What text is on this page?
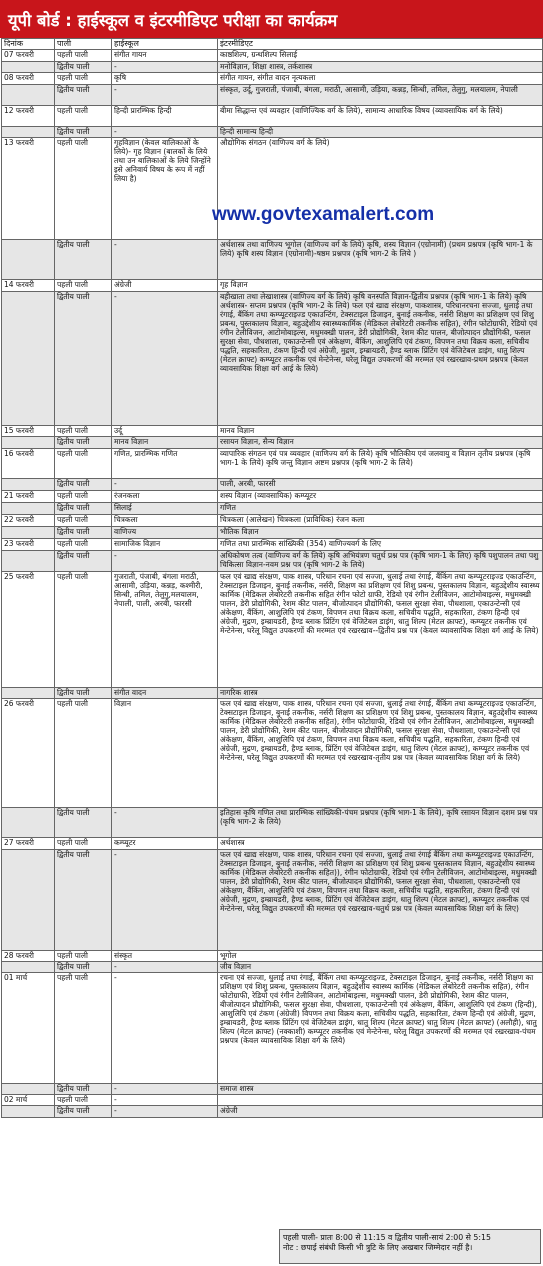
यूपी बोर्ड : हाईस्कूल व इंटरमीडिएट परीक्षा का कार्यक्रम
दिनांक	पाली	हाईस्कूल	इंटरमीडिएट
07 फरवरी	पहली पाली	संगीत गायन	काष्ठशिल्प, ग्रन्थशिल्प सिलाई
	द्वितीय पाली	-	मनोविज्ञान, शिक्षा शास्त्र, तर्कशास्त्र
08 फरवरी	पहली पाली	कृषि	संगीत गायन, संगीत वादन नृत्यकला
	द्वितीय पाली	-	संस्कृत, उर्दू, गुजराती, पंजाबी, बंगला, मराठी, आसामी, उड़िया, कन्नड़, सिन्धी, तमिल, तेलुगु, मलयालम, नेपाली
12 फरवरी	पहली पाली	हिन्दी प्रारम्भिक हिन्दी	बीमा सिद्धान्त एवं व्यवहार (वाणिज्यिक वर्ग के लिये), सामान्य आधारिक विषय (व्यावसायिक वर्ग के लिये)
	द्वितीय पाली	-	हिन्दी सामान्य हिन्दी
13 फरवरी	पहली पाली	गृहविज्ञान (केवल बालिकाओं के लिये)- गृह विज्ञान (बालकों के लिये तथा उन बालिकाओं के लिये जिन्होंने इसे अनिवार्य विषय के रूप में नहीं लिया है)	औद्योगिक संगठन (वाणिज्य वर्ग के लिये)
	द्वितीय पाली	-	अर्थशास्त्र तथा वाणिज्य भूगोल (वाणिज्य वर्ग के लिये) कृषि, शस्य विज्ञान (एग्रोनामी) (प्रथम प्रश्नपत्र (कृषि भाग-1 के लिये) कृषि शस्य विज्ञान (एग्रोनामी)-षष्ठम प्रश्नपत्र (कृषि भाग-2 के लिये )
14 फरवरी	पहली पाली	अंग्रेजी	गृह विज्ञान
	द्वितीय पाली	-	बहीखाता तथा लेखाशास्त्र (वाणिज्य वर्ग के लिये) कृषि वनस्पति विज्ञान-द्वितीय प्रश्नपत्र (कृषि भाग-1 के लिये) कृषि अर्थशास्त्र- सप्तम प्रश्नपत्र (कृषि भाग-2 के लिये) फल एवं खाद्य संरक्षण, पाकशास्त्र, परिधानरचना सज्जा, धुलाई तथा रंगाई, बैंकिंग तथा कम्प्यूटराइज्ड एकाउन्टिंग, टेक्सटाइल डिजाइन, बुनाई तकनीक, नर्सरी शिक्षण का प्रशिक्षण एवं शिशु प्रबन्ध, पुस्तकालय विज्ञान, बहुउद्देशीय स्वास्थ्यकार्मिक (मेडिकल लेबोरेटरी तकनीक सहित), रंगीन फोटोग्राफी, रेडियो एवं रंगीन टेलीविजन, आटोमोबाइल्स, मधुमक्खी पालन, डेरी प्रोद्योगिकी, रेशम कीट पालन, बीजोत्पादन प्रौद्योगिकी, फसल सुरक्षा सेवा, पौधशाला, एकाउन्टेन्सी एवं अंकेक्षण, बैंकिंग, आशुलिपि एवं टंकण, विपणन तथा विक्रय कला, सचिवीय पद्धति, सहकारिता, टंकण हिन्दी एवं अंग्रेजी, मुद्रण, इम्ब्रायडरी, हैण्ड ब्लाक प्रिंटिंग एवं वेजिटेबल डाइंग, धातु शिल्प (मेटल क्राफ्ट) कम्प्यूटर तकनीक एवं मेन्टेनेन्स, घरेलू विद्युत उपकरणों की मरम्मत एवं रखरखाव-प्रथम प्रश्नपत्र (केवल व्यावसायिक शिक्षा वर्ग आई के लिये)
15 फरवरी	पहली पाली	उर्दू	मानव विज्ञान
	द्वितीय पाली	मानव विज्ञान	रसायन विज्ञान, सैन्य विज्ञान
16 फरवरी	पहली पाली	गणित, प्रारम्भिक गणित	व्यापारिक संगठन एवं पत्र व्यवहार (वाणिज्य वर्ग के लिये) कृषि भौतिकीय एवं जलवायु व विज्ञान तृतीय प्रश्नपत्र (कृषि भाग-1 के लिये) कृषि जन्तु विज्ञान अष्टम प्रश्नपत्र (कृषि भाग-2 के लिये)
	द्वितीय पाली	-	पाली, अरबी, फारसी
21 फरवरी	पहली पाली	रंजनकला	शस्य विज्ञान (व्यावसायिक) कम्प्यूटर
	द्वितीय पाली	सिलाई	गणित
22 फरवरी	पहली पाली	चित्रकला	चित्रकला (आलेखन) चित्रकला (प्राविधिक) रंजन कला
	द्वितीय पाली	वाणिज्य	भौतिक विज्ञान
23 फरवरी	पहली पाली	सामाजिक विज्ञान	गणित तथा प्रारम्भिक सांख्यिकी (354) वाणिज्यवर्ग के लिए
	द्वितीय पाली	-	अधिकोषण तत्व (वाणिज्य वर्ग के लिये) कृषि अभियंत्रण चतुर्थ प्रश्न पत्र (कृषि भाग-1 के लिए) कृषि पशुपालन तथा पशु चिकित्सा विज्ञान-नवम प्रश्न पत्र (कृषि भाग-2 के लिये)
25 फरवरी	पहली पाली	गुजराती, पंजाबी, बंगला मराठी, आसामी, उड़िया, कन्नड़, कश्मीरी, सिन्धी, तमिल, तेलुगु,मलयालम, नेपाली, पाली, अरबी, फारसी	फल एवं खाद्य संरक्षण, पाक शास्त्र, परिधान रचना एवं सज्जा, धुलाई तथा रंगाई, बैंकिंग तथा कम्प्यूटराइज्ड एकाउन्टिंग, टेक्सटाइल डिजाइन, बुनाई तकनीक, नर्सरी, शिक्षण का प्रशिक्षण एवं शिशु प्रबन्ध, पुस्तकालय विज्ञान, बहुउद्देशीय स्वास्थ्य कार्मिक (मेडिकल लेबोरेटरी तकनीक सहित रंगीन फोटो ग्राफी, रेडियो एवं रंगीन टेलीविजन, आटोमोबाइल्स, मधुमक्खी पालन, डेरी प्रोद्योगिकी, रेशम कीट पालन, बीजोत्पादन प्रौद्योगिकी, फसल सुरक्षा सेवा, पौधशाला, एकाउन्टेन्सी एवं अंकेक्षण, बैंकिंग, आशुलिपि एवं टंकण, विपणन तथा विक्रय कला, सचिवीय पद्धति, सहकारिता, टंकण हिन्दी एवं अंग्रेजी, मुद्रण, इम्ब्रायडरी, हैण्ड ब्लाक प्रिंटिंग एवं वेजिटेबल डाइंग, धातु शिल्प (मेटल क्राफ्ट), कम्प्यूटर तकनीक एवं मेन्टेनेन्स, घरेलू विद्युत उपकरणों की मरम्मत एवं रखरखाव--द्वितीय प्रश्न पत्र (केवल व्यावसायिक शिक्षा वर्ग आई के लिये)
	द्वितीय पाली	संगीत वादन	नागरिक शास्त्र
26 फरवरी	पहली पाली	विज्ञान	फल एवं खाद्य संरक्षण, पाक शास्त्र, परिधान रचना एवं सज्जा, धुलाई तथा रंगाई, बैंकिंग तथा कम्प्यूटराइज्ड एकाउन्टिंग, टेक्सटाइल डिजाइन, बुनाई तकनीक, नर्सरी शिक्षण का प्रशिक्षण एवं शिशु प्रबन्ध, पुस्तकालय विज्ञान, बहुउद्देशीय स्वास्थ्य कार्मिक (मेडिकल लेबोरेटरी तकनीक सहित), रंगीन फोटोग्राफी, रेडियो एवं रंगीन टेलीविजन, आटोमोबाइल्स, मधुमक्खी पालन, डेरी प्रोद्योगिकी, रेशम कीट पालन, बीजोत्पादन प्रौद्योगिकी, फसल सुरक्षा सेवा, पौधशाला, एकाउन्टेन्सी एवं अंकेक्षण, बैंकिंग, आशुलिपि एवं टंकण, विपणन तथा विक्रय कला, सचिवीय पद्धति, सहकारिता, टंकण हिन्दी एवं अंग्रेजी, मुद्रण, इम्ब्रायडरी, हैण्ड ब्लाक, प्रिंटिंग एवं वेजिटेबल डाइंग, धातु शिल्प (मेटल क्राफ्ट), कम्प्यूटर तकनीक एवं मेन्टेनेन्स, घरेलू विद्युत उपकरणों की मरम्मत एवं रखरखाव-तृतीय प्रश्न पत्र (केवल व्यावसायिक शिक्षा वर्ग के लिये)
	द्वितीय पाली	-	इतिहास कृषि गणित तथा प्रारम्भिक सांख्यिकी-पंचम प्रश्नपत्र (कृषि भाग-1 के लिये), कृषि रसायन विज्ञान दशम प्रश्न पत्र (कृषि भाग-2 के लिये)
27 फरवरी	पहली पाली	कम्प्यूटर	अर्थशास्त्र
	द्वितीय पाली	-	फल एवं खाद्य संरक्षण, पाक शास्त्र, परिधान रचना एवं सज्जा, धुलाई तथा रंगाई बैंकिंग तथा कम्प्यूटराइज्ड एकाउन्टिंग, टेक्सटाइल डिजाइन, बुनाई तकनीक, नर्सरी शिक्षण का प्रशिक्षण एवं शिशु प्रबन्ध पुस्तकालय विज्ञान, बहुउद्देशीय स्वास्थ्य कार्मिक (मेडिकल लेबोरेटरी तकनीक सहित)), रंगीन फोटोग्राफी, रेडियो एवं रंगीन टेलीविजन, आटोमोबाइल्स, मधुमक्खी पालन, डेरी प्रोद्योगिकी, रेशम कीट पालन, बीजोत्पादन प्रौद्योगिकी, फसल सुरक्षा सेवा, पौधशाला, एकाउन्टेन्सी एवं अंकेक्षण, बैंकिंग, आशुलिपि एवं टंकण, विपणन तथा विक्रय कला, सचिवीय पद्धति, सहकारिता, टंकण हिन्दी एवं अंग्रेजी, मुद्रण, इम्ब्रायडरी, हैण्ड ब्लाक, प्रिंटिंग एवं वेजिटेबल डाइंग, धातु शिल्प (मेटल क्राफ्ट), कम्प्यूटर तकनीक एवं मेन्टेनेन्स, घरेलू विद्युत उपकरणों की मरम्मत एवं रखरखाव-चतुर्थ प्रश्न पत्र (केवल व्यावसायिक शिक्षा वर्ग के लिए)
28 फरवरी	पहली पाली	संस्कृत	भूगोल
	द्वितीय पाली	-	जीव विज्ञान
01 मार्च	पहली पाली	-	रचना एवं सज्जा, धुलाई तथा रंगाई, बैंकिंग तथा कम्प्यूटराइज्ड, टेक्सटाइल डिजाइन, बुनाई तकनीक, नर्सरी शिक्षण का प्रशिक्षण एवं शिशु प्रबन्ध, पुस्तकालय विज्ञान, बहुउद्देशीय स्वास्थ्य कार्मिक (मेडिकल लेबोरेटरी तकनीक सहित), रंगीन फोटोग्राफी, रेडियो एवं रंगीन टेलीविजन, आटोमोबाइल्स, मधुमक्खी पालन, डेरी प्रोद्योगिकी, रेशम कीट पालन, बीजोत्पादन प्रौद्योगिकी, फसल सुरक्षा सेवा, पौधशाला, एकाउन्टेन्सी एवं अंकेक्षण, बैंकिंग, आशुलिपि एवं टंकण (हिन्दी), आशुलिपि एवं टंकण (अंग्रेजी) विपणन तथा विक्रय कला, सचिवीय पद्धति, सहकारिता, टंकण हिन्दी एवं अंग्रेजी, मुद्रण, इम्ब्रायडरी, हैण्ड ब्लाक प्रिंटिंग एवं वेजिटेबल डाइंग, धातु शिल्प (मेटल क्राफ्ट) धातु शिल्प (मेटल क्राफ्ट) (अलौही), धातु शिल्प (मेटल क्राफ्ट) (नक्काशी) कम्प्यूटर तकनीक एवं मेन्टेनेन्स, घरेलू विद्युत उपकरणों की मरम्मत एवं रखरखाव-पंचम प्रश्नपत्र (केवल व्यावसायिक शिक्षा वर्ग के लिये)
	द्वितीय पाली	-	समाज शास्त्र
02 मार्च	पहली पाली	-	
	द्वितीय पाली	-	अंग्रेजी
www.govtexamalert.com
पहली पाली- प्रातः 8:00 से 11:15 व द्वितीय पाली-सायं 2:00 से 5:15
नोट : छपाई संबंधी किसी भी त्रुटि के लिए अखबार जिम्मेदार नहीं है।
